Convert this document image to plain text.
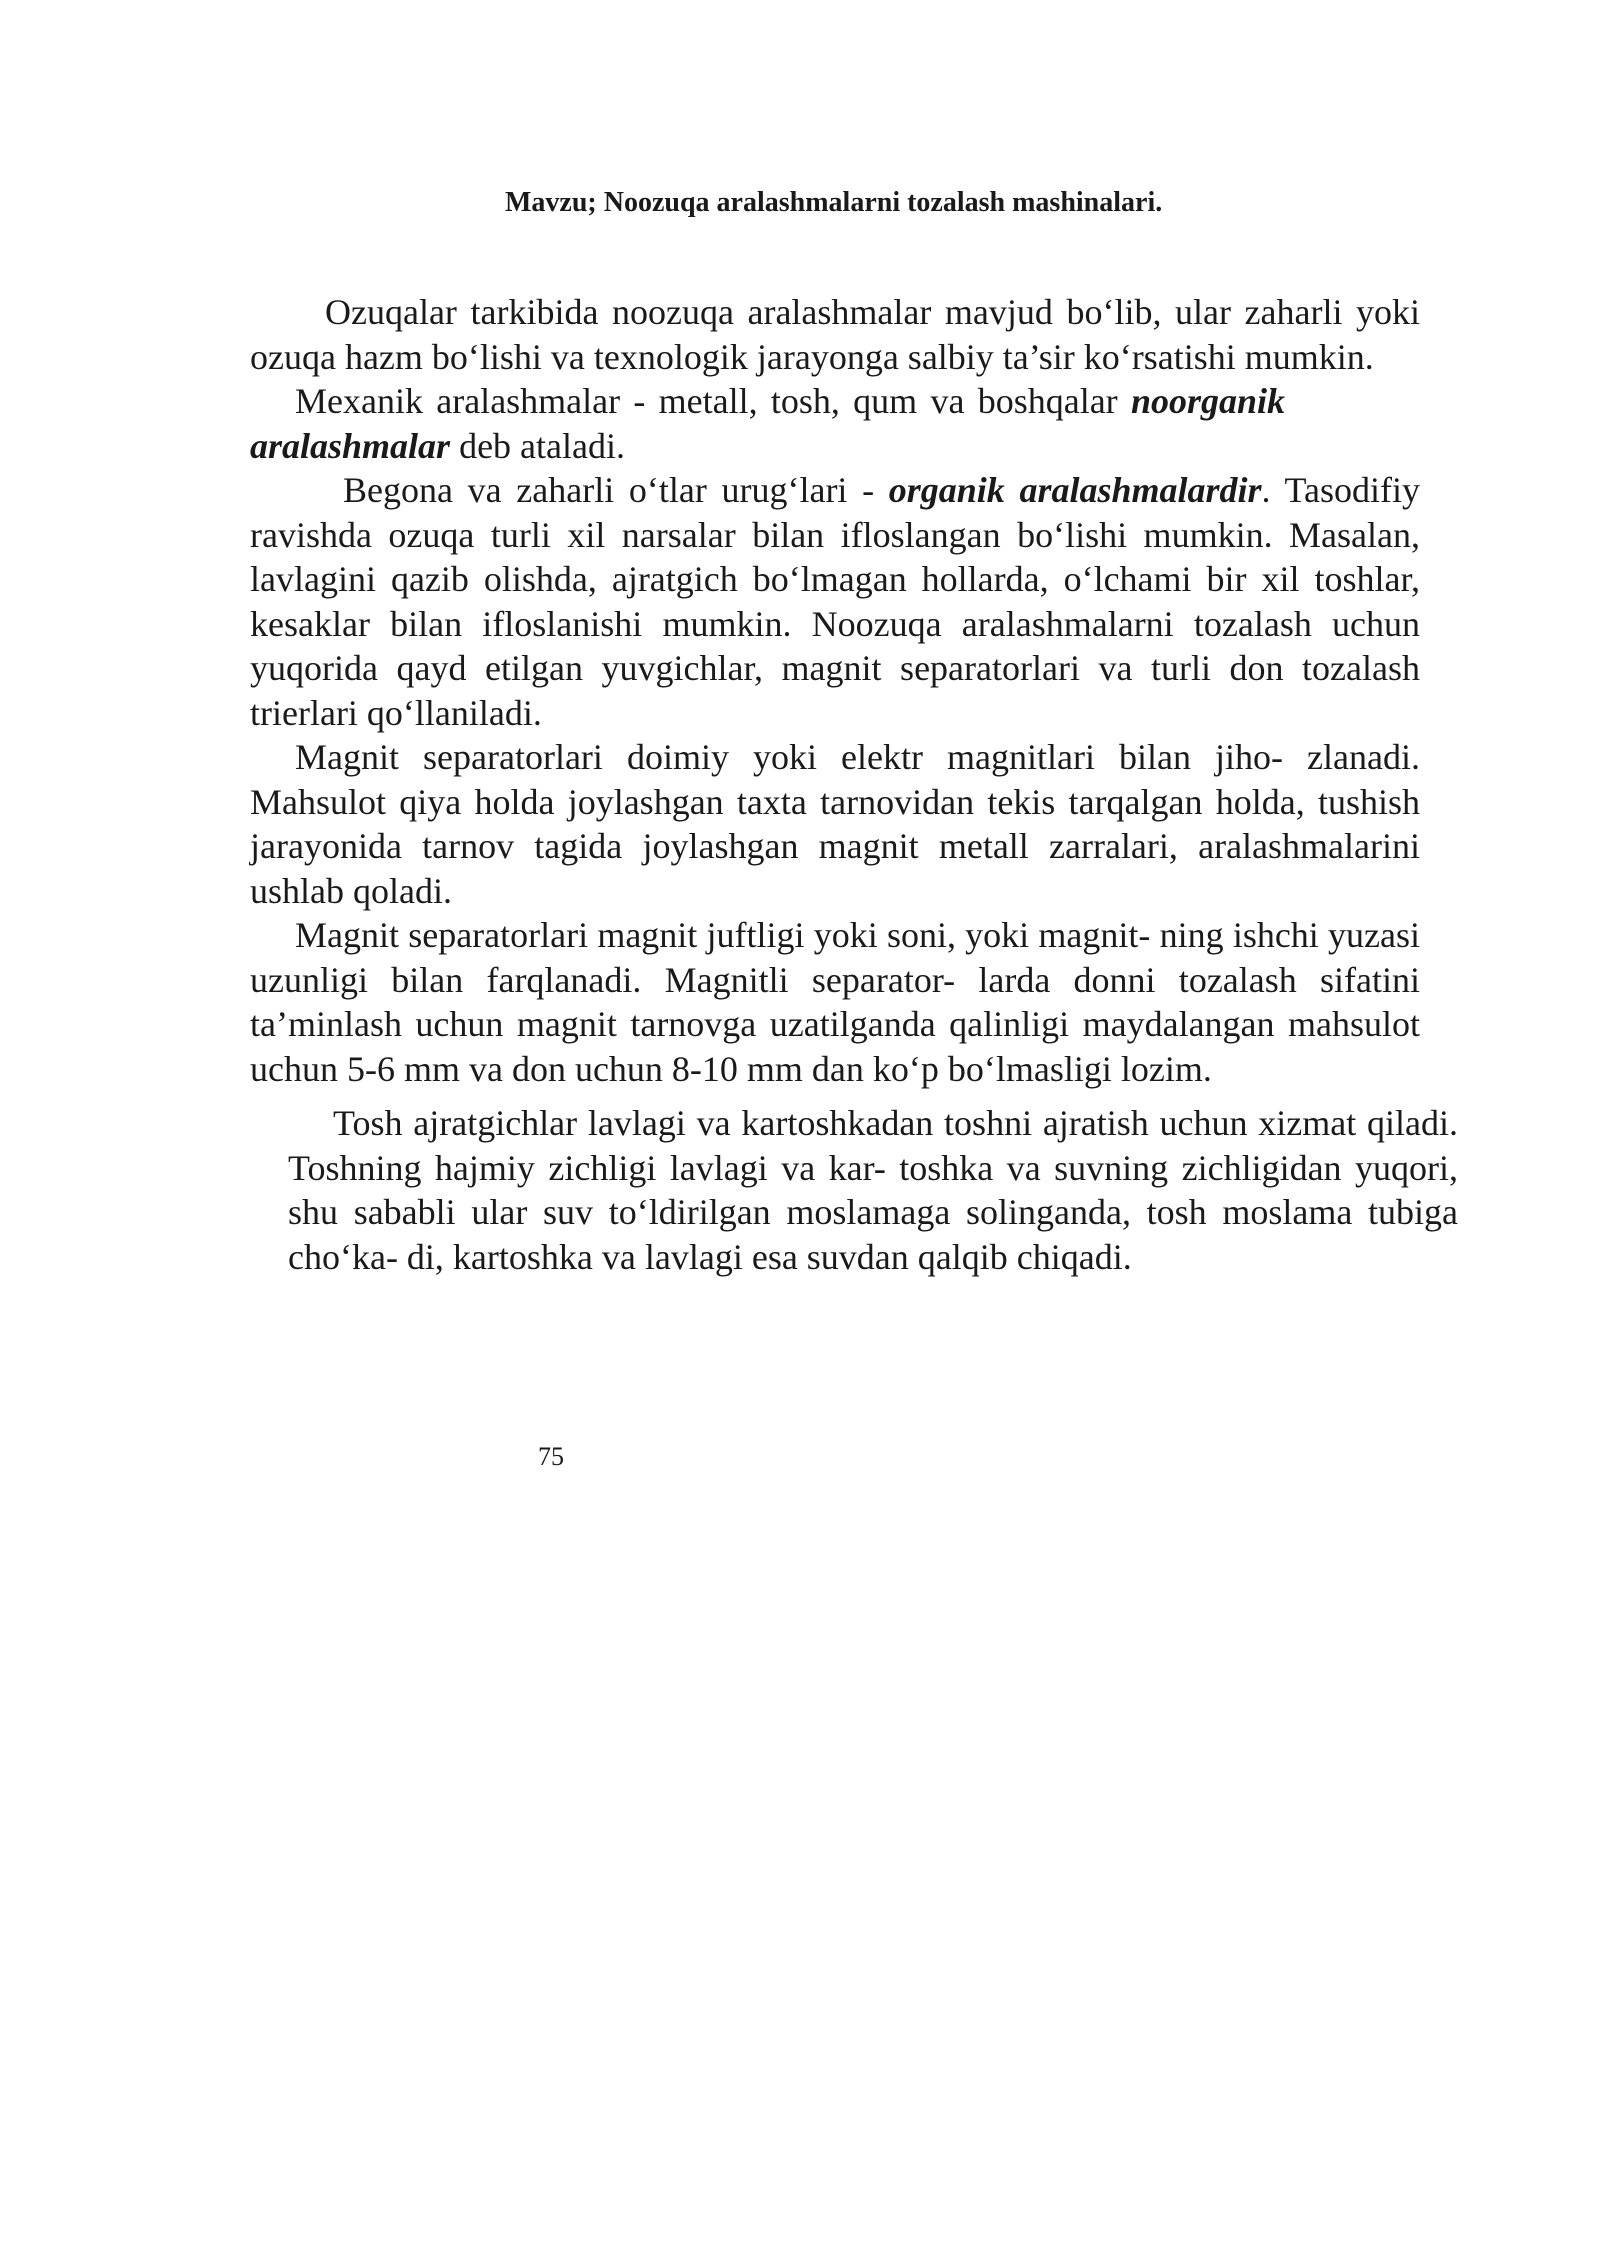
Mavzu; Noozuqa aralashmalarni tozalash mashinalari.

Ozuqalar tarkibida noozuqa aralashmalar mavjud bo‘lib, ular zaharli yoki ozuqa hazm bo‘lishi va texnologik jarayonga salbiy ta’sir ko‘rsatishi mumkin.

Mexanik aralashmalar - metall, tosh, qum va boshqalar noorganik aralashmalar deb ataladi.

Begona va zaharli o‘tlar urug‘lari - organik aralashmalardir. Tasodifiy ravishda ozuqa turli xil narsalar bilan ifloslangan bo‘lishi mumkin. Masalan, lavlagini qazib olishda, ajratgich bo‘lmagan hollarda, o‘lchami bir xil toshlar, kesaklar bilan ifloslanishi mumkin. Noozuqa aralashmalarni tozalash uchun yuqorida qayd etilgan yuvgichlar, magnit separatorlari va turli don tozalash trierlari qo‘llaniladi.

Magnit separatorlari doimiy yoki elektr magnitlari bilan jiho- zlanadi. Mahsulot qiya holda joylashgan taxta tarnovidan tekis tarqalgan holda, tushish jarayonida tarnov tagida joylashgan magnit metall zarralari, aralashmalarini ushlab qoladi.

Magnit separatorlari magnit juftligi yoki soni, yoki magnit- ning ishchi yuzasi uzunligi bilan farqlanadi. Magnitli separator- larda donni tozalash sifatini ta’minlash uchun magnit tarnovga uzatilganda qalinligi maydalangan mahsulot uchun 5-6 mm va don uchun 8-10 mm dan ko‘p bo‘lmasligi lozim.

Tosh ajratgichlar lavlagi va kartoshkadan toshni ajratish uchun xizmat qiladi. Toshning hajmiy zichligi lavlagi va kar- toshka va suvning zichligidan yuqori, shu sababli ular suv to‘ldirilgan moslamaga solinganda, tosh moslama tubiga cho‘ka- di, kartoshka va lavlagi esa suvdan qalqib chiqadi.

75
